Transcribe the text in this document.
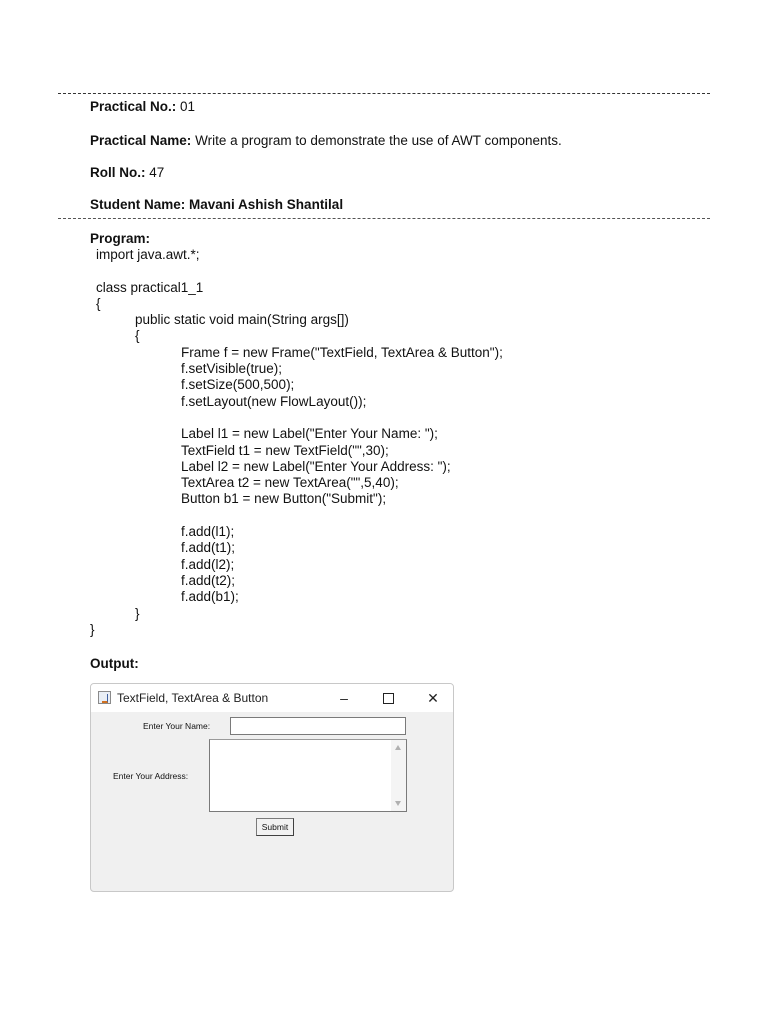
Practical No.: 01
Practical Name: Write a program to demonstrate the use of AWT components.
Roll No.: 47
Student Name: Mavani Ashish Shantilal
Program:
import java.awt.*;
class practical1_1
{
public static void main(String args[])
{
Frame f = new Frame("TextField, TextArea & Button");
f.setVisible(true);
f.setSize(500,500);
f.setLayout(new FlowLayout());
Label l1 = new Label("Enter Your Name: ");
TextField t1 = new TextField("",30);
Label l2 = new Label("Enter Your Address: ");
TextArea t2 = new TextArea("",5,40);
Button b1 = new Button("Submit");
f.add(l1);
f.add(t1);
f.add(l2);
f.add(t2);
f.add(b1);
}
}
Output:
TextField, TextArea & Button	–	✕
Enter Your Name:
Enter Your Address:
Submit
